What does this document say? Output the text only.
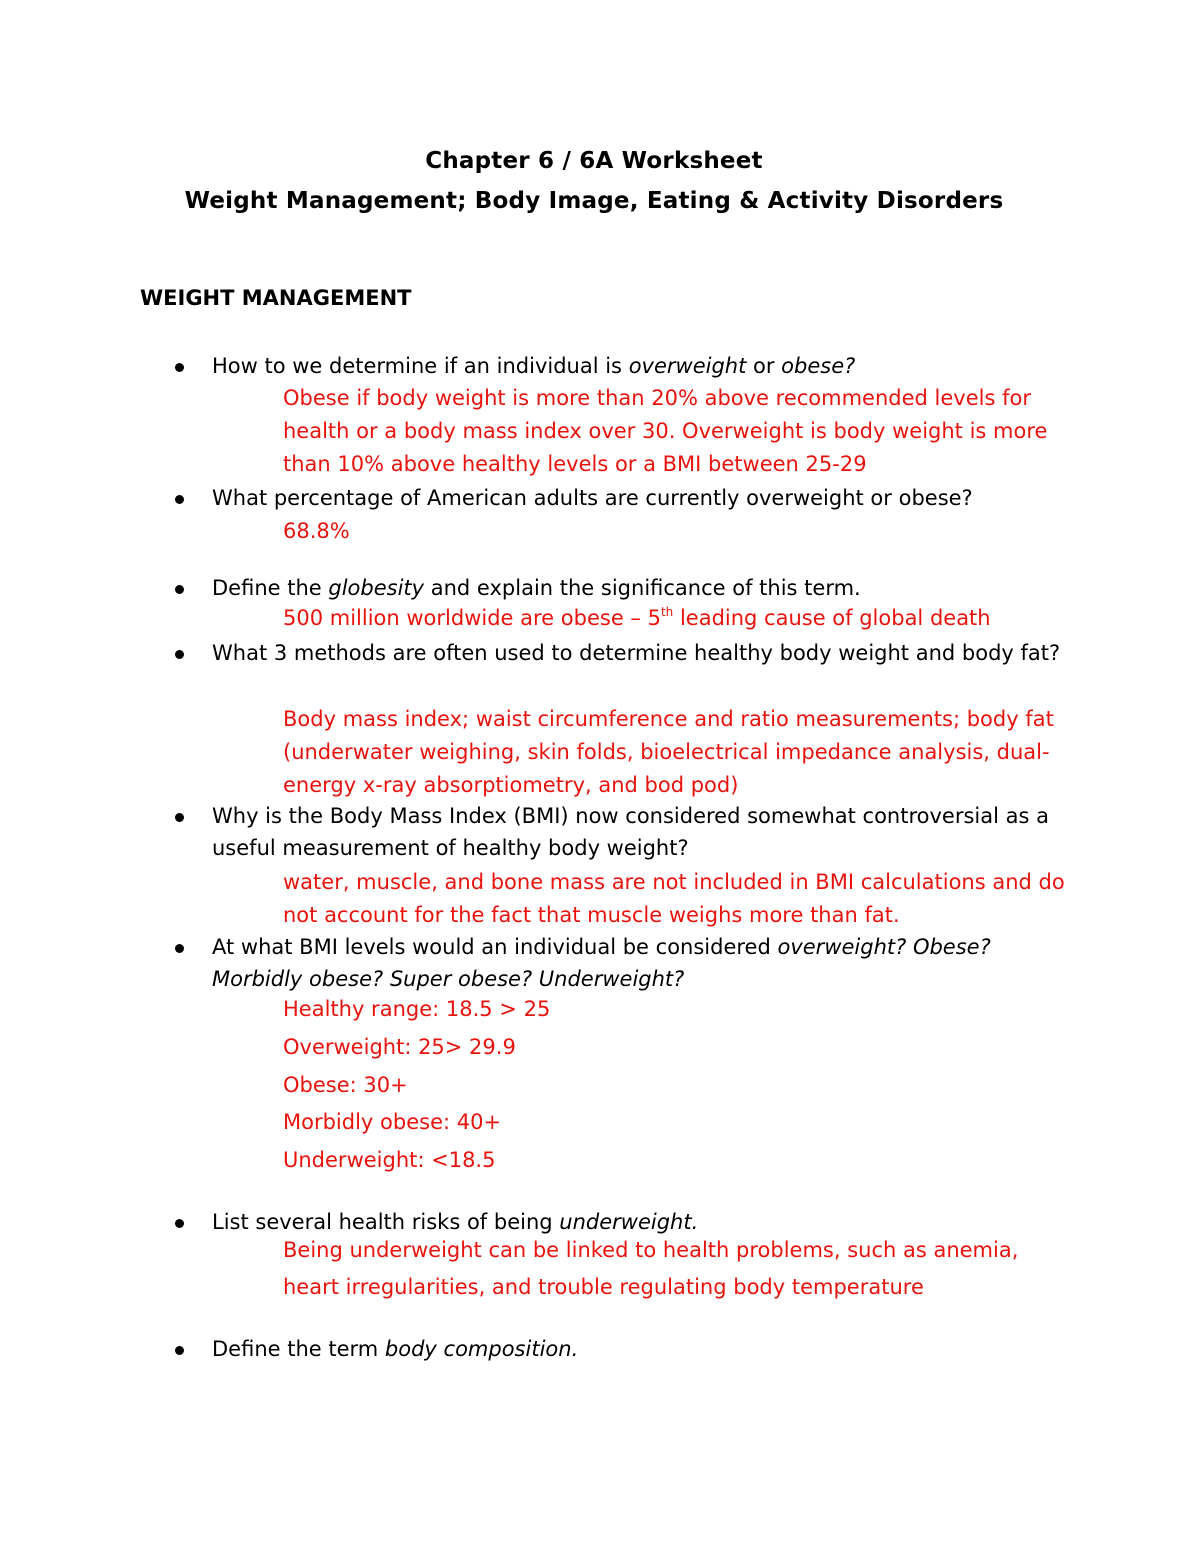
Chapter 6 / 6A Worksheet
Weight Management; Body Image, Eating & Activity Disorders
WEIGHT MANAGEMENT
How to we determine if an individual is overweight or obese?
Obese if body weight is more than 20% above recommended levels for health or a body mass index over 30. Overweight is body weight is more than 10% above healthy levels or a BMI between 25-29
What percentage of American adults are currently overweight or obese?
68.8%
Define the globesity and explain the significance of this term.
500 million worldwide are obese – 5th leading cause of global death
What 3 methods are often used to determine healthy body weight and body fat?
Body mass index; waist circumference and ratio measurements; body fat (underwater weighing, skin folds, bioelectrical impedance analysis, dual-energy x-ray absorptiometry, and bod pod)
Why is the Body Mass Index (BMI) now considered somewhat controversial as a useful measurement of healthy body weight?
water, muscle, and bone mass are not included in BMI calculations and do not account for the fact that muscle weighs more than fat.
At what BMI levels would an individual be considered overweight? Obese? Morbidly obese? Super obese? Underweight?
Healthy range: 18.5 > 25
Overweight: 25> 29.9
Obese: 30+
Morbidly obese: 40+
Underweight: <18.5
List several health risks of being underweight.
Being underweight can be linked to health problems, such as anemia,
heart irregularities, and trouble regulating body temperature
Define the term body composition.
